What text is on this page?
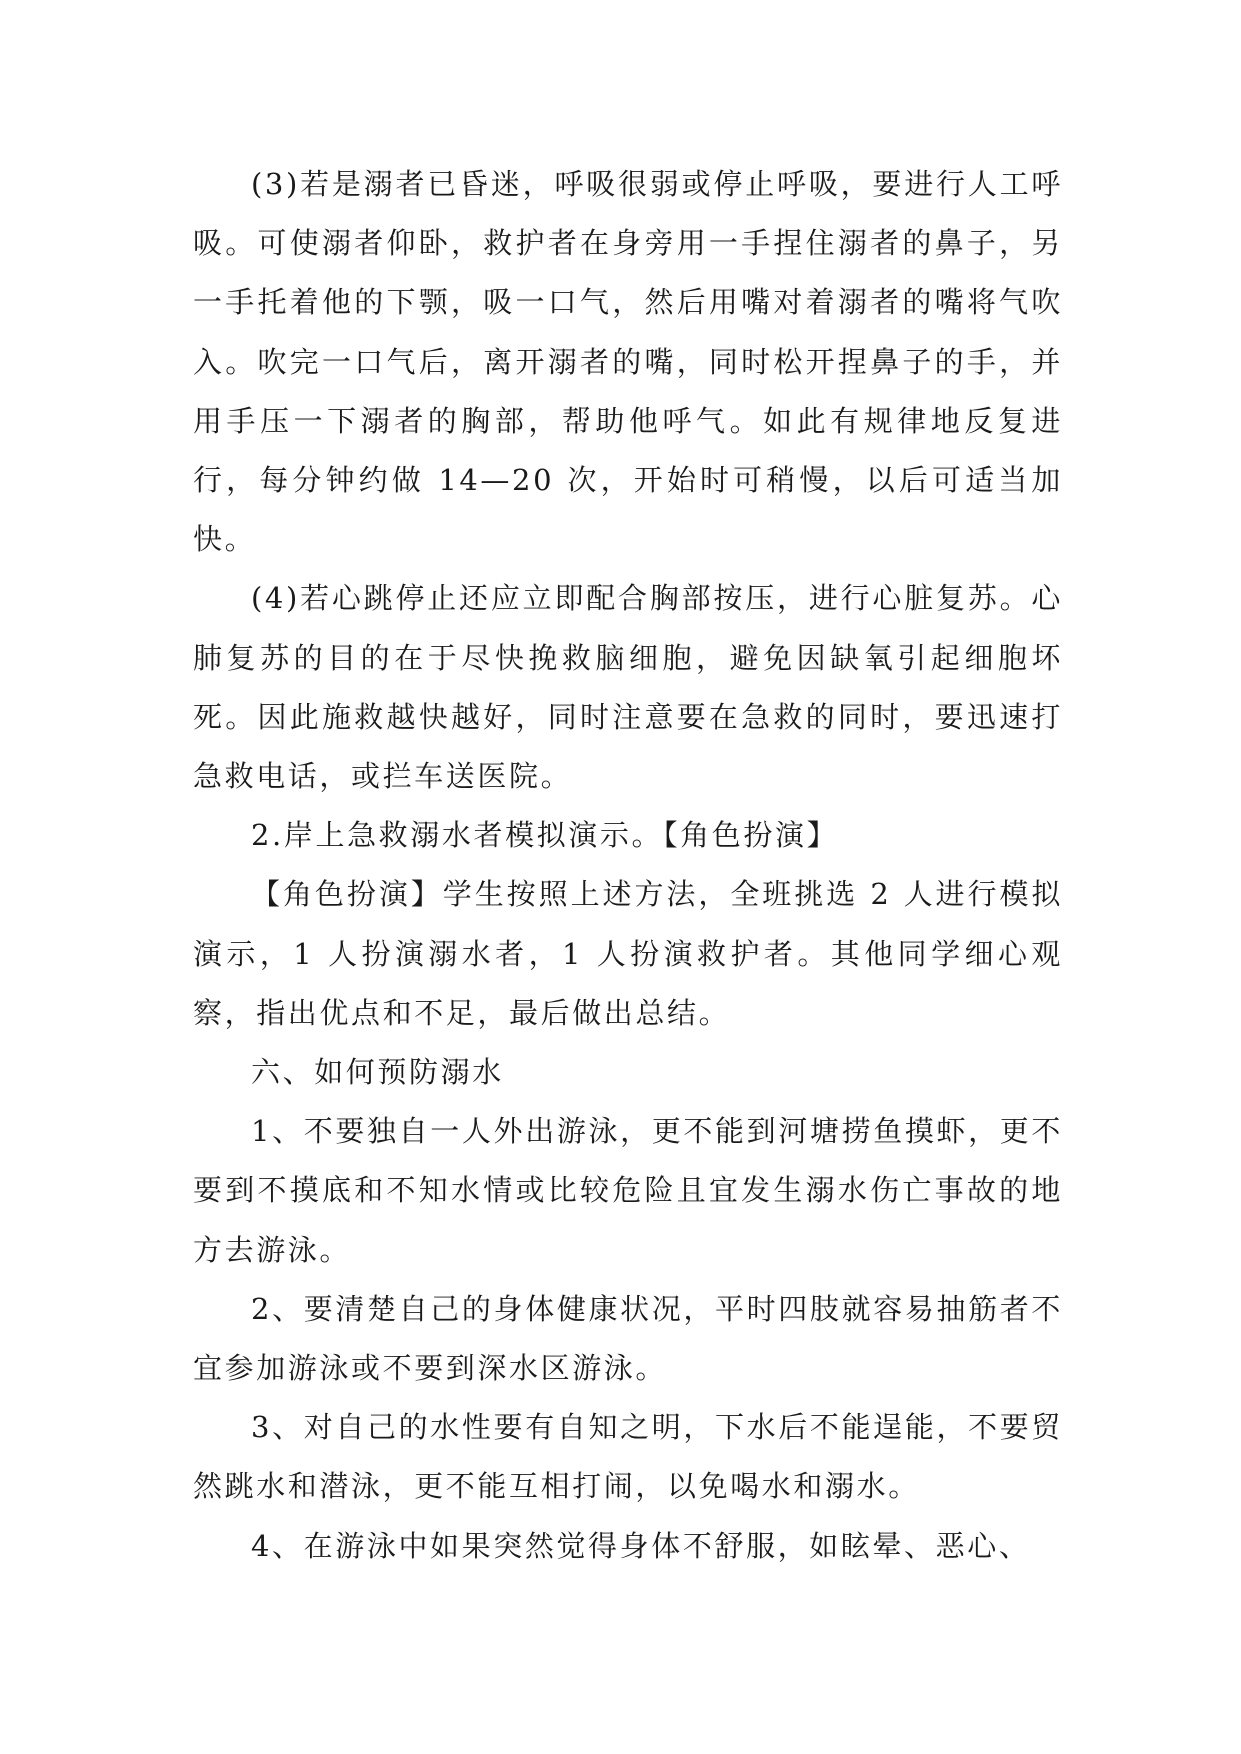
(3)若是溺者已昏迷，呼吸很弱或停止呼吸，要进行人工呼吸。可使溺者仰卧，救护者在身旁用一手捏住溺者的鼻子，另一手托着他的下颚，吸一口气，然后用嘴对着溺者的嘴将气吹入。吹完一口气后，离开溺者的嘴，同时松开捏鼻子的手，并用手压一下溺者的胸部，帮助他呼气。如此有规律地反复进行，每分钟约做 14—20 次，开始时可稍慢，以后可适当加快。

(4)若心跳停止还应立即配合胸部按压，进行心脏复苏。心肺复苏的目的在于尽快挽救脑细胞，避免因缺氧引起细胞坏死。因此施救越快越好，同时注意要在急救的同时，要迅速打急救电话，或拦车送医院。

2.岸上急救溺水者模拟演示。【角色扮演】

【角色扮演】学生按照上述方法，全班挑选 2 人进行模拟演示，1 人扮演溺水者，1 人扮演救护者。其他同学细心观察，指出优点和不足，最后做出总结。

六、如何预防溺水

1、不要独自一人外出游泳，更不能到河塘捞鱼摸虾，更不要到不摸底和不知水情或比较危险且宜发生溺水伤亡事故的地方去游泳。

2、要清楚自己的身体健康状况，平时四肢就容易抽筋者不宜参加游泳或不要到深水区游泳。

3、对自己的水性要有自知之明，下水后不能逞能，不要贸然跳水和潜泳，更不能互相打闹，以免喝水和溺水。

4、在游泳中如果突然觉得身体不舒服，如眩晕、恶心、
